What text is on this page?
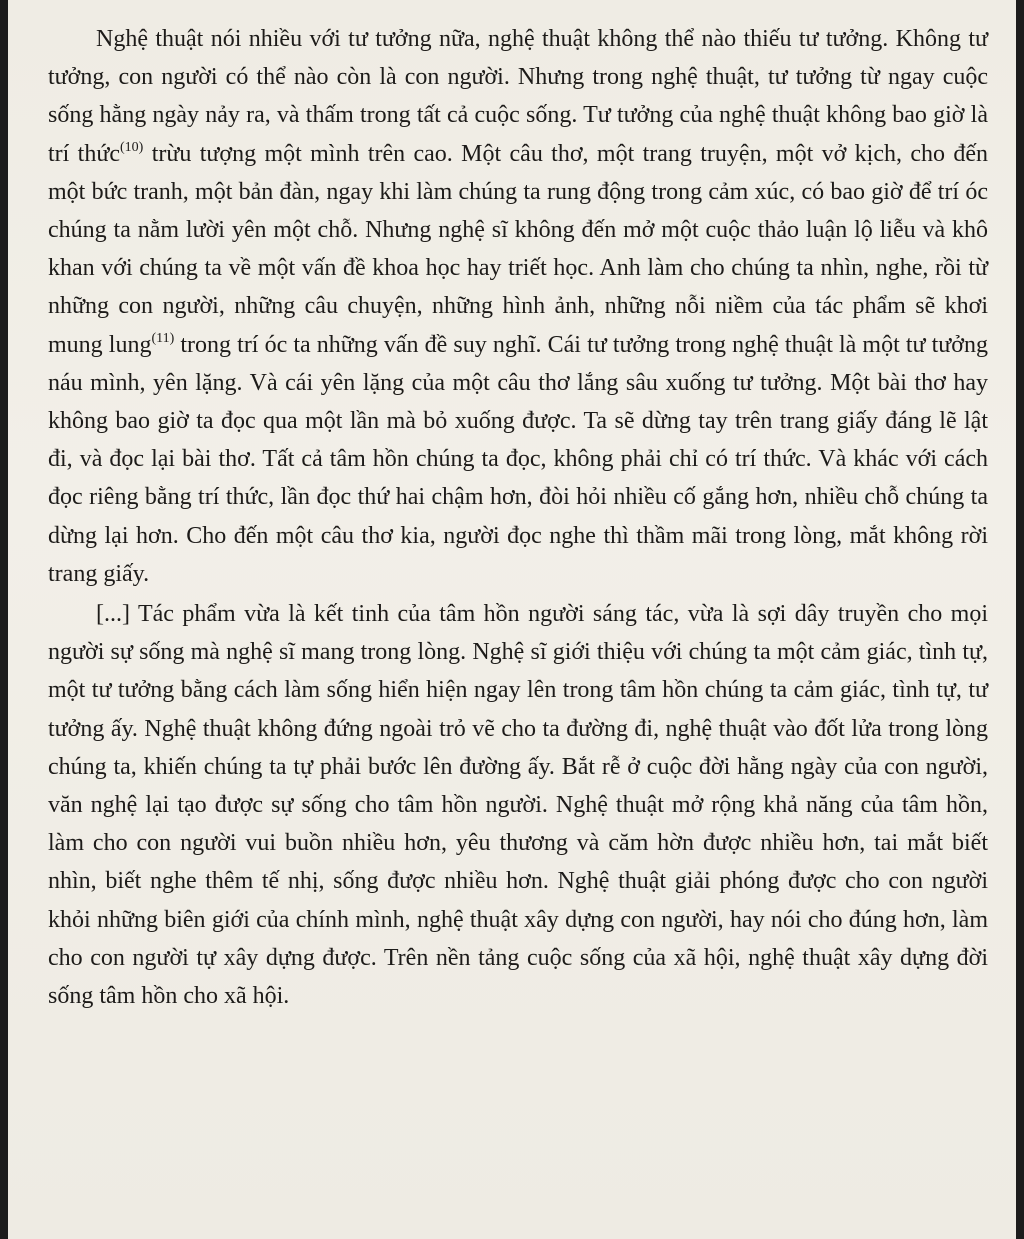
Nghệ thuật nói nhiều với tư tưởng nữa, nghệ thuật không thể nào thiếu tư tưởng. Không tư tưởng, con người có thể nào còn là con người. Nhưng trong nghệ thuật, tư tưởng từ ngay cuộc sống hằng ngày nảy ra, và thấm trong tất cả cuộc sống. Tư tưởng của nghệ thuật không bao giờ là trí thức$^{(10)}$ trừu tượng một mình trên cao. Một câu thơ, một trang truyện, một vở kịch, cho đến một bức tranh, một bản đàn, ngay khi làm chúng ta rung động trong cảm xúc, có bao giờ để trí óc chúng ta nằm lười yên một chỗ. Nhưng nghệ sĩ không đến mở một cuộc thảo luận lộ liễu và khô khan với chúng ta về một vấn đề khoa học hay triết học. Anh làm cho chúng ta nhìn, nghe, rồi từ những con người, những câu chuyện, những hình ảnh, những nỗi niềm của tác phẩm sẽ khơi mung lung$^{(11)}$ trong trí óc ta những vấn đề suy nghĩ. Cái tư tưởng trong nghệ thuật là một tư tưởng náu mình, yên lặng. Và cái yên lặng của một câu thơ lắng sâu xuống tư tưởng. Một bài thơ hay không bao giờ ta đọc qua một lần mà bỏ xuống được. Ta sẽ dừng tay trên trang giấy đáng lẽ lật đi, và đọc lại bài thơ. Tất cả tâm hồn chúng ta đọc, không phải chỉ có trí thức. Và khác với cách đọc riêng bằng trí thức, lần đọc thứ hai chậm hơn, đòi hỏi nhiều cố gắng hơn, nhiều chỗ chúng ta dừng lại hơn. Cho đến một câu thơ kia, người đọc nghe thì thầm mãi trong lòng, mắt không rời trang giấy.

[...] Tác phẩm vừa là kết tinh của tâm hồn người sáng tác, vừa là sợi dây truyền cho mọi người sự sống mà nghệ sĩ mang trong lòng. Nghệ sĩ giới thiệu với chúng ta một cảm giác, tình tự, một tư tưởng bằng cách làm sống hiển hiện ngay lên trong tâm hồn chúng ta cảm giác, tình tự, tư tưởng ấy. Nghệ thuật không đứng ngoài trỏ vẽ cho ta đường đi, nghệ thuật vào đốt lửa trong lòng chúng ta, khiến chúng ta tự phải bước lên đường ấy. Bắt rễ ở cuộc đời hằng ngày của con người, văn nghệ lại tạo được sự sống cho tâm hồn người. Nghệ thuật mở rộng khả năng của tâm hồn, làm cho con người vui buồn nhiều hơn, yêu thương và căm hờn được nhiều hơn, tai mắt biết nhìn, biết nghe thêm tế nhị, sống được nhiều hơn. Nghệ thuật giải phóng được cho con người khỏi những biên giới của chính mình, nghệ thuật xây dựng con người, hay nói cho đúng hơn, làm cho con người tự xây dựng được. Trên nền tảng cuộc sống của xã hội, nghệ thuật xây dựng đời sống tâm hồn cho xã hội.
